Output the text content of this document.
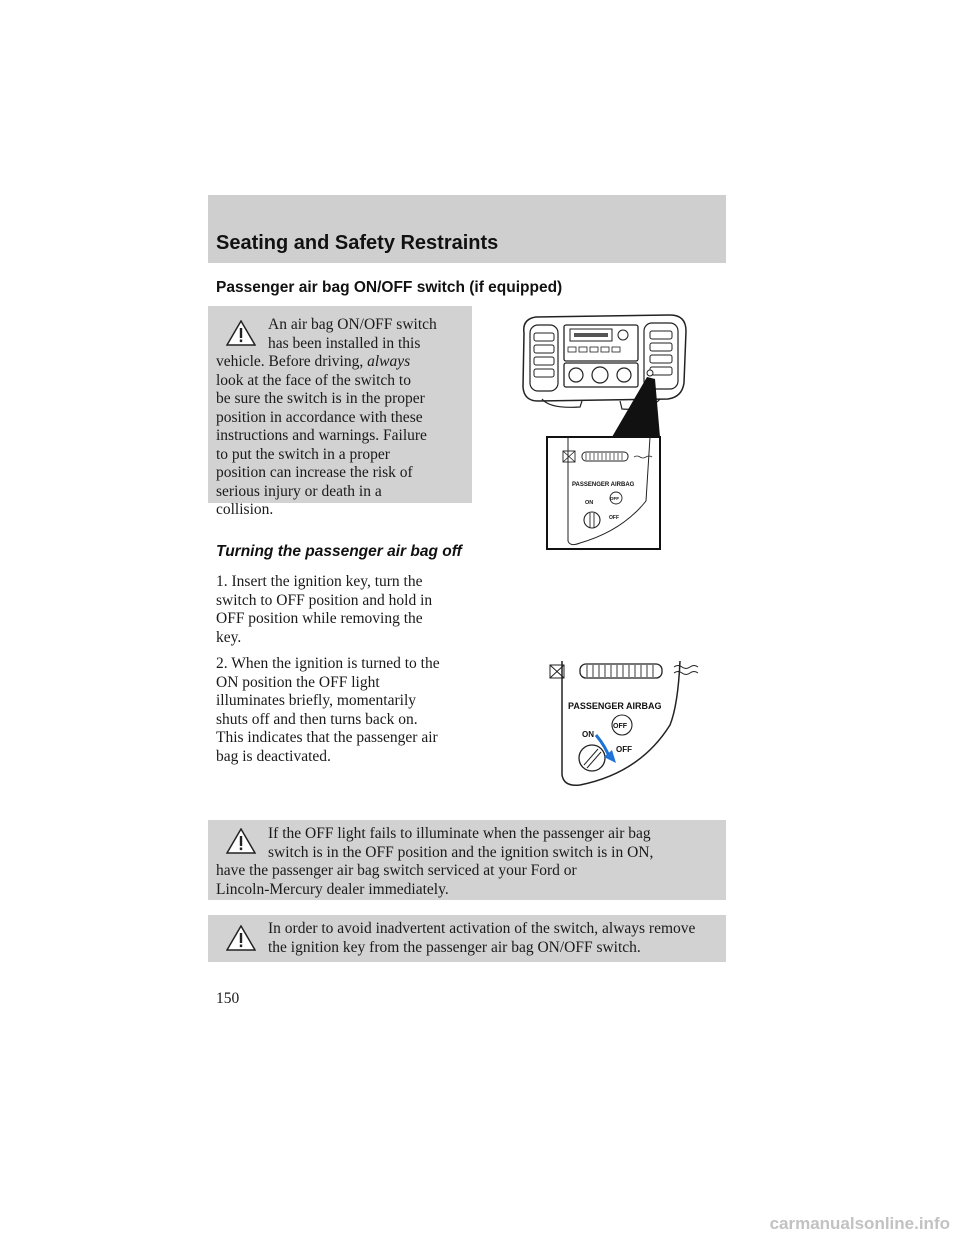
Seating and Safety Restraints
Passenger air bag ON/OFF switch (if equipped)
An air bag ON/OFF switch
has been installed in this
vehicle. Before driving, always
look at the face of the switch to
be sure the switch is in the proper
position in accordance with these
instructions and warnings. Failure
to put the switch in a proper
position can increase the risk of
serious injury or death in a
collision.
Turning the passenger air bag off
1. Insert the ignition key, turn the
switch to OFF position and hold in
OFF position while removing the
key.
2. When the ignition is turned to the
ON position the OFF light
illuminates briefly, momentarily
shuts off and then turns back on.
This indicates that the passenger air
bag is deactivated.
PASSENGER AIRBAG
ON
OFF
OFF
PASSENGER AIRBAG
ON
OFF
OFF
If the OFF light fails to illuminate when the passenger air bag
switch is in the OFF position and the ignition switch is in ON,
have the passenger air bag switch serviced at your Ford or
Lincoln-Mercury dealer immediately.
In order to avoid inadvertent activation of the switch, always remove
the ignition key from the passenger air bag ON/OFF switch.
150
carmanualsonline.info
